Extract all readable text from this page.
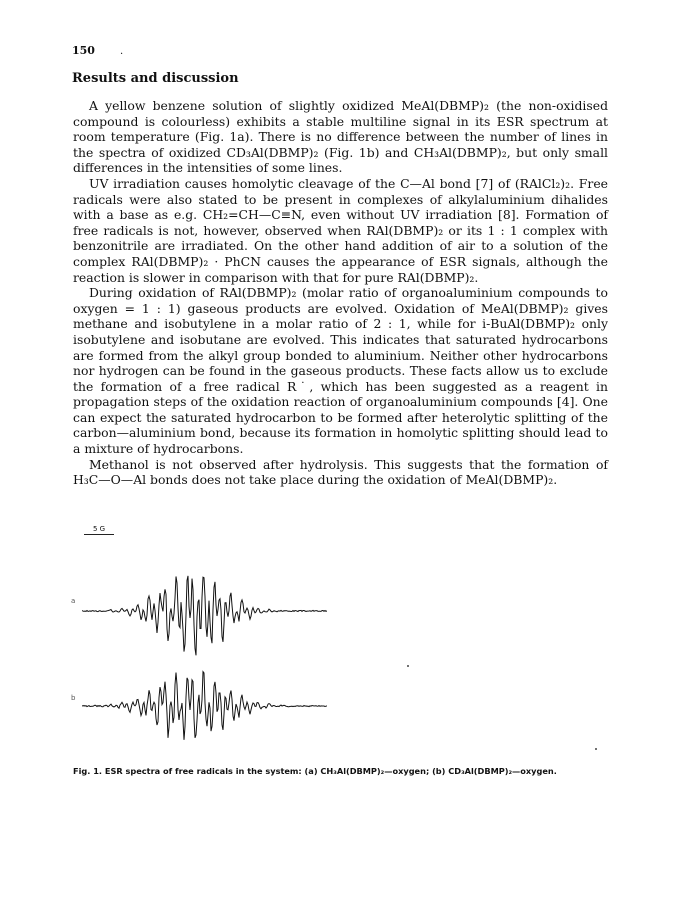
150	.
Results and discussion

A yellow benzene solution of slightly oxidized MeAl(DBMP)₂ (the non-oxidised compound is colourless) exhibits a stable multiline signal in its ESR spectrum at room temperature (Fig. 1a). There is no difference between the number of lines in the spectra of oxidized CD₃Al(DBMP)₂ (Fig. 1b) and CH₃Al(DBMP)₂, but only small differences in the intensities of some lines.

UV irradiation causes homolytic cleavage of the C—Al bond [7] of (RAlCl₂)₂. Free radicals were also stated to be present in complexes of alkylaluminium dihalides with a base as e.g. CH₂=CH—C≡N, even without UV irradiation [8]. Formation of free radicals is not, however, observed when RAl(DBMP)₂ or its 1 : 1 complex with benzonitrile are irradiated. On the other hand addition of air to a solution of the complex RAl(DBMP)₂ · PhCN causes the appearance of ESR signals, although the reaction is slower in comparison with that for pure RAl(DBMP)₂.

During oxidation of RAl(DBMP)₂ (molar ratio of organoaluminium compounds to oxygen = 1 : 1) gaseous products are evolved. Oxidation of MeAl(DBMP)₂ gives methane and isobutylene in a molar ratio of 2 : 1, while for i-BuAl(DBMP)₂ only isobutylene and isobutane are evolved. This indicates that saturated hydrocarbons are formed from the alkyl group bonded to aluminium. Neither other hydrocarbons nor hydrogen can be found in the gaseous products. These facts allow us to exclude the formation of a free radical R˙, which has been suggested as a reagent in propagation steps of the oxidation reaction of organoaluminium compounds [4]. One can expect the saturated hydrocarbon to be formed after heterolytic splitting of the carbon—aluminium bond, because its formation in homolytic splitting should lead to a mixture of hydrocarbons.

Methanol is not observed after hydrolysis. This suggests that the formation of H₃C—O—Al bonds does not take place during the oxidation of MeAl(DBMP)₂.

5 G
a
b
Fig. 1. ESR spectra of free radicals in the system: (a) CH₃Al(DBMP)₂—oxygen; (b) CD₃Al(DBMP)₂—oxygen.
